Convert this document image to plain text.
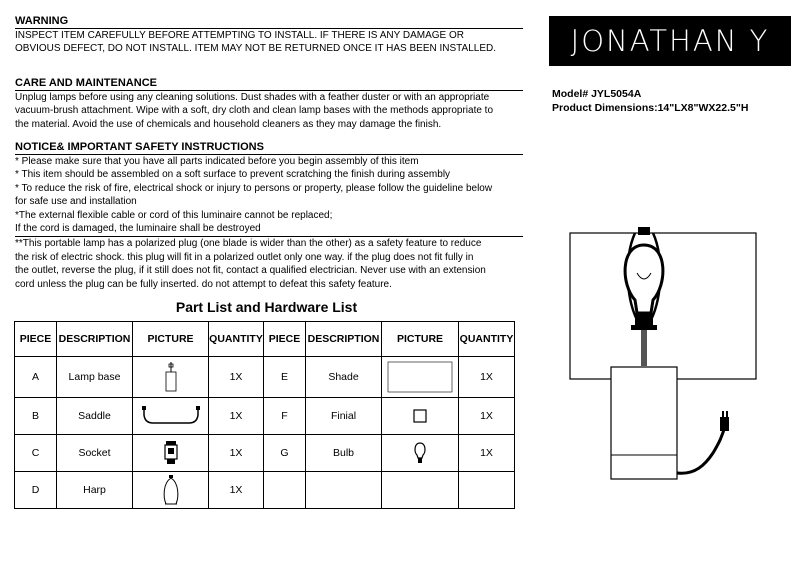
WARNING

INSPECT ITEM CAREFULLY BEFORE ATTEMPTING TO INSTALL. IF THERE IS ANY DAMAGE OR

OBVIOUS DEFECT, DO NOT INSTALL. ITEM MAY NOT BE RETURNED ONCE IT HAS BEEN INSTALLED.

CARE AND MAINTENANCE

Unplug lamps before using any cleaning solutions. Dust shades with a feather duster or with an appropriate

vacuum-brush attachment. Wipe with a soft, dry cloth and clean lamp bases with the methods appropriate to

the material. Avoid the use of chemicals and household cleaners as they may damage the finish.

NOTICE& IMPORTANT SAFETY INSTRUCTIONS

* Please make sure that you have all parts indicated before you begin assembly of this item

* This item should be assembled on a soft surface to prevent scratching the finish during assembly

* To reduce the risk of fire, electrical shock or injury to persons or property, please follow the guideline below

for safe use and installation

*The external flexible cable or cord of this luminaire cannot be replaced;

If the cord is damaged, the luminaire shall be destroyed

**This portable lamp has a polarized plug (one blade is wider than the other) as a safety feature to reduce

the risk of electric shock. this plug will fit in a polarized outlet only one way. if the plug does not fit fully in

the outlet, reverse the plug, if it still does not fit, contact a qualified electrician. Never use with an extension

cord unless the plug can be fully inserted. do not attempt to defeat this safety feature.

JONATHAN Y
Model# JYL5054A
Product Dimensions:14"LX8"WX22.5"H
Part List and Hardware List
PIECE	DESCRIPTION	PICTURE	QUANTITY	PIECE	DESCRIPTION	PICTURE	QUANTITY
A	Lamp base		1X	E	Shade		1X
B	Saddle		1X	F	Finial		1X
C	Socket		1X	G	Bulb		1X
D	Harp		1X				
